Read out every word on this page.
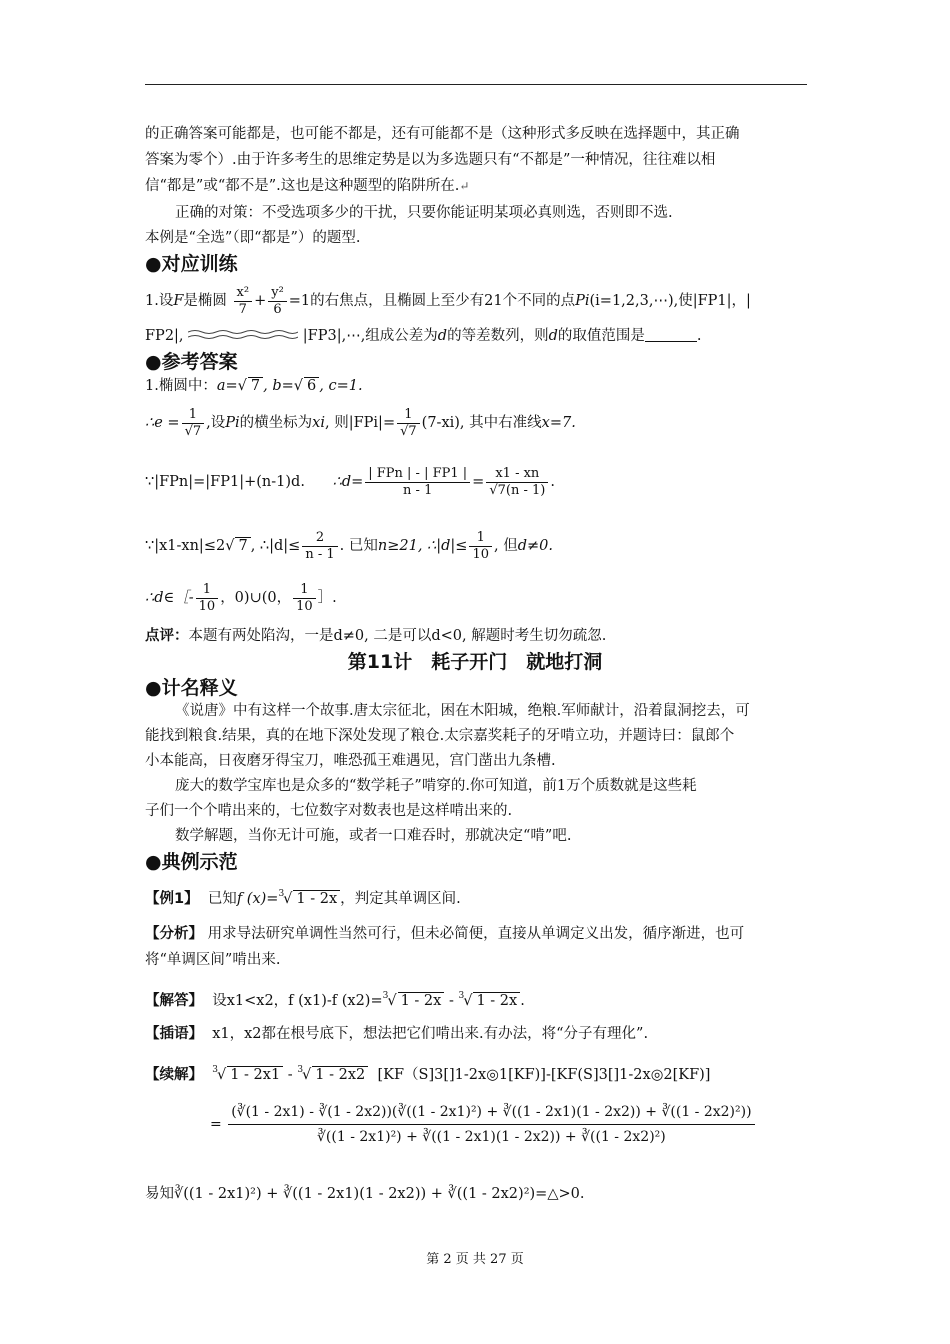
的正确答案可能都是，也可能不都是，还有可能都不是（这种形式多反映在选择题中，其正确
答案为零个）.由于许多考生的思维定势是以为多选题只有“不都是”一种情况，往往难以相
信“都是”或“都不是”.这也是这种题型的陷阱所在.↵
正确的对策：不受选项多少的干扰，只要你能证明某项必真则选，否则即不选.
本例是“全选”（即“都是”）的题型.
●对应训练
1.设F是椭圆 $\frac{\text{x²}}{7} + \frac{\text{y²}}{6} =1$的右焦点，且椭圆上至少有21个不同的点Pi(i=1,2,3,⋯),使|FP1|，|
FP2|,	|FP3|,⋯,组成公差为d的等差数列，则d的取值范围是	.
●参考答案
1.椭圆中：a=√ 7 , b=√ 6 , c=1.
∴e = $\frac{1}{√7}$ ,设Pi的横坐标为xi, 则$|FPi|= \frac{1}{√7} (7-xi)$, 其中右准线x=7.
∵|FPn|=|FP1|+(n-1)d. ∴d= $\frac{\text{| FPn | - | FP1 |}}{n - 1} = \frac{x1 - xn}{√7(n - 1)}$ .
∵|x1-xn|≤2√ 7 , ∴|d|≤ $\frac{2}{n - 1}$ . 已知n≥21, ∴|d|≤ $\frac{1}{10}$ , 但d≠0.
∴d∈［- $\frac{1}{10}$ ，0)∪(0， $\frac{1}{10}$ ］.
点评：本题有两处陷沟，一是d≠0, 二是可以d<0, 解题时考生切勿疏忽.
第11计　耗子开门　就地打洞
●计名释义
《说唐》中有这样一个故事.唐太宗征北，困在木阳城，绝粮.军师献计，沿着鼠洞挖去，可
能找到粮食.结果，真的在地下深处发现了粮仓.太宗嘉奖耗子的牙啃立功，并题诗曰：鼠郎个
小本能高，日夜磨牙得宝刀，唯恐孤王难遇见，宫门凿出九条槽.
庞大的数学宝库也是众多的“数学耗子”啃穿的.你可知道，前1万个质数就是这些耗
子们一个个啃出来的，七位数字对数表也是这样啃出来的.
数学解题，当你无计可施，或者一口难吞时，那就决定“啃”吧.
●典例示范
【例1】 已知f (x)=$^3$√ 1 - 2x ，判定其单调区间.
【分析】 用求导法研究单调性当然可行，但未必简便，直接从单调定义出发，循序渐进，也可
将“单调区间”啃出来.
【解答】 设x1<x2，f (x1)-f (x2)=$^3$√ 1 - 2x - $^3$√ 1 - 2x .
【插语】 x1，x2都在根号底下，想法把它们啃出来.有办法，将“分子有理化”.
【续解】 $^3$√ 1 - 2x1 - $^3$√ 1 - 2x2 [KF（S]3[]1-2x◎1[KF)]-[KF(S]3[]1-2x◎2[KF)]
=
(∛(1 - 2x1) - ∛(1 - 2x2))(∛((1 - 2x1)²) + ∛((1 - 2x1)(1 - 2x2)) + ∛((1 - 2x2)²))
∛((1 - 2x1)²) + ∛((1 - 2x1)(1 - 2x2)) + ∛((1 - 2x2)²)
易知∛((1 - 2x1)²) + ∛((1 - 2x1)(1 - 2x2)) + ∛((1 - 2x2)²)=△>0.
第 2 页 共 27 页
